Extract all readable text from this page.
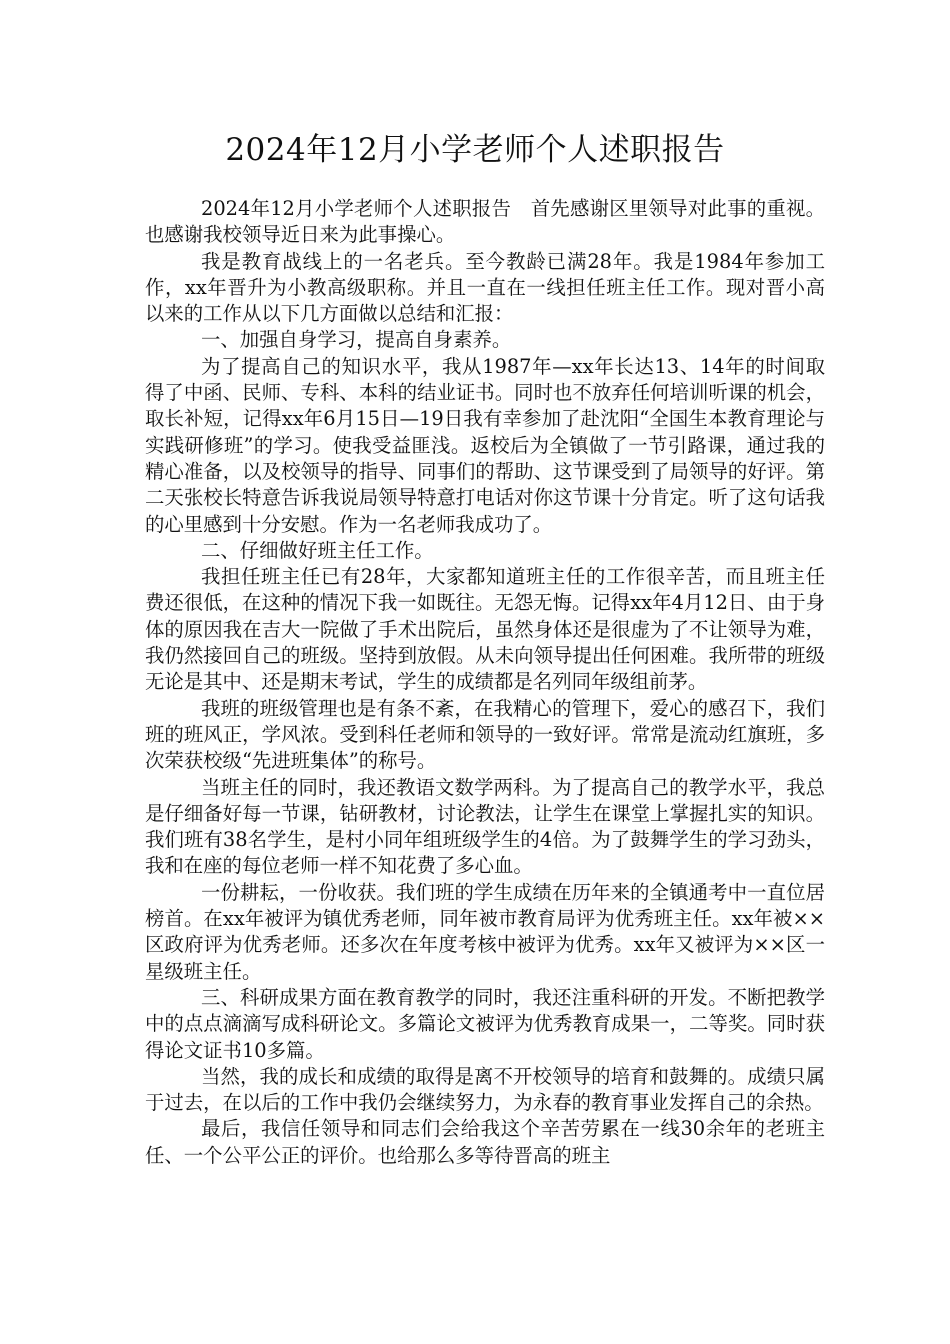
2024年12月小学老师个人述职报告

2024年12月小学老师个人述职报告　首先感谢区里领导对此事的重视。也感谢我校领导近日来为此事操心。

我是教育战线上的一名老兵。至今教龄已满28年。我是1984年参加工作，xx年晋升为小教高级职称。并且一直在一线担任班主任工作。现对晋小高以来的工作从以下几方面做以总结和汇报：

一、加强自身学习，提高自身素养。

为了提高自己的知识水平，我从1987年—xx年长达13、14年的时间取得了中函、民师、专科、本科的结业证书。同时也不放弃任何培训听课的机会，取长补短，记得xx年6月15日—19日我有幸参加了赴沈阳“全国生本教育理论与实践研修班”的学习。使我受益匪浅。返校后为全镇做了一节引路课，通过我的精心准备，以及校领导的指导、同事们的帮助、这节课受到了局领导的好评。第二天张校长特意告诉我说局领导特意打电话对你这节课十分肯定。听了这句话我的心里感到十分安慰。作为一名老师我成功了。

二、仔细做好班主任工作。

我担任班主任已有28年，大家都知道班主任的工作很辛苦，而且班主任费还很低，在这种的情况下我一如既往。无怨无悔。记得xx年4月12日、由于身体的原因我在吉大一院做了手术出院后，虽然身体还是很虚为了不让领导为难，我仍然接回自己的班级。坚持到放假。从未向领导提出任何困难。我所带的班级无论是其中、还是期末考试，学生的成绩都是名列同年级组前茅。

我班的班级管理也是有条不紊，在我精心的管理下，爱心的感召下，我们班的班风正，学风浓。受到科任老师和领导的一致好评。常常是流动红旗班，多次荣获校级“先进班集体”的称号。

当班主任的同时，我还教语文数学两科。为了提高自己的教学水平，我总是仔细备好每一节课，钻研教材，讨论教法，让学生在课堂上掌握扎实的知识。我们班有38名学生，是村小同年组班级学生的4倍。为了鼓舞学生的学习劲头，我和在座的每位老师一样不知花费了多心血。

一份耕耘，一份收获。我们班的学生成绩在历年来的全镇通考中一直位居榜首。在xx年被评为镇优秀老师，同年被市教育局评为优秀班主任。xx年被××区政府评为优秀老师。还多次在年度考核中被评为优秀。xx年又被评为××区一星级班主任。

三、科研成果方面在教育教学的同时，我还注重科研的开发。不断把教学中的点点滴滴写成科研论文。多篇论文被评为优秀教育成果一，二等奖。同时获得论文证书10多篇。

当然，我的成长和成绩的取得是离不开校领导的培育和鼓舞的。成绩只属于过去，在以后的工作中我仍会继续努力，为永春的教育事业发挥自己的余热。

最后，我信任领导和同志们会给我这个辛苦劳累在一线30余年的老班主任、一个公平公正的评价。也给那么多等待晋高的班主
